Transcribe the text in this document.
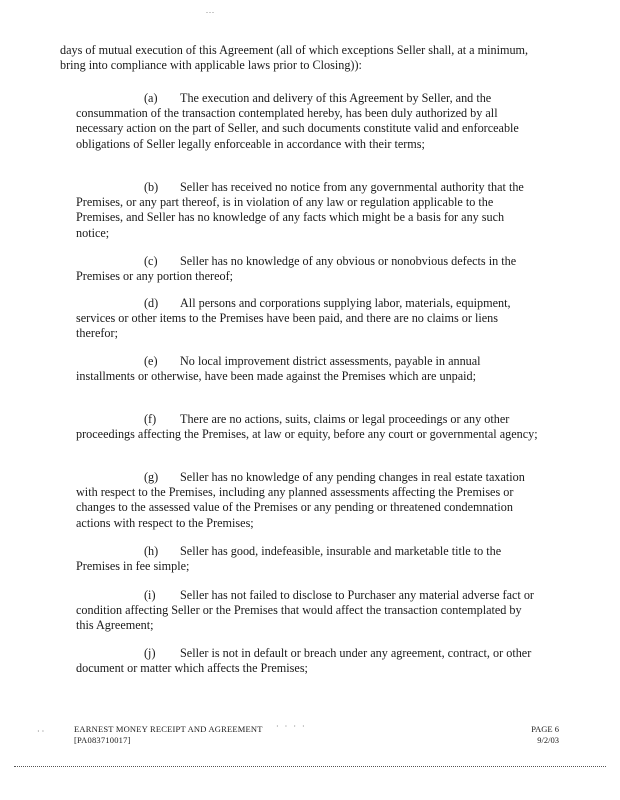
...

days of mutual execution of this Agreement (all of which exceptions Seller shall, at a minimum, bring into compliance with applicable laws prior to Closing)):

(a)	The execution and delivery of this Agreement by Seller, and the consummation of the transaction contemplated hereby, has been duly authorized by all necessary action on the part of Seller, and such documents constitute valid and enforceable obligations of Seller legally enforceable in accordance with their terms;
(b)	Seller has received no notice from any governmental authority that the Premises, or any part thereof, is in violation of any law or regulation applicable to the Premises, and Seller has no knowledge of any facts which might be a basis for any such notice;
(c)	Seller has no knowledge of any obvious or nonobvious defects in the Premises or any portion thereof;
(d)	All persons and corporations supplying labor, materials, equipment, services or other items to the Premises have been paid, and there are no claims or liens therefor;
(e)	No local improvement district assessments, payable in annual installments or otherwise, have been made against the Premises which are unpaid;
(f)	There are no actions, suits, claims or legal proceedings or any other proceedings affecting the Premises, at law or equity, before any court or governmental agency;
(g)	Seller has no knowledge of any pending changes in real estate taxation with respect to the Premises, including any planned assessments affecting the Premises or changes to the assessed value of the Premises or any pending or threatened condemnation actions with respect to the Premises;
(h)	Seller has good, indefeasible, insurable and marketable title to the Premises in fee simple;
(i)	Seller has not failed to disclose to Purchaser any material adverse fact or condition affecting Seller or the Premises that would affect the transaction contemplated by this Agreement;
(j)	Seller is not in default or breach under any agreement, contract, or other document or matter which affects the Premises;
· ·	EARNEST MONEY RECEIPT AND AGREEMENT
[PA083710017]
· · · ·	PAGE 6
9/2/03
